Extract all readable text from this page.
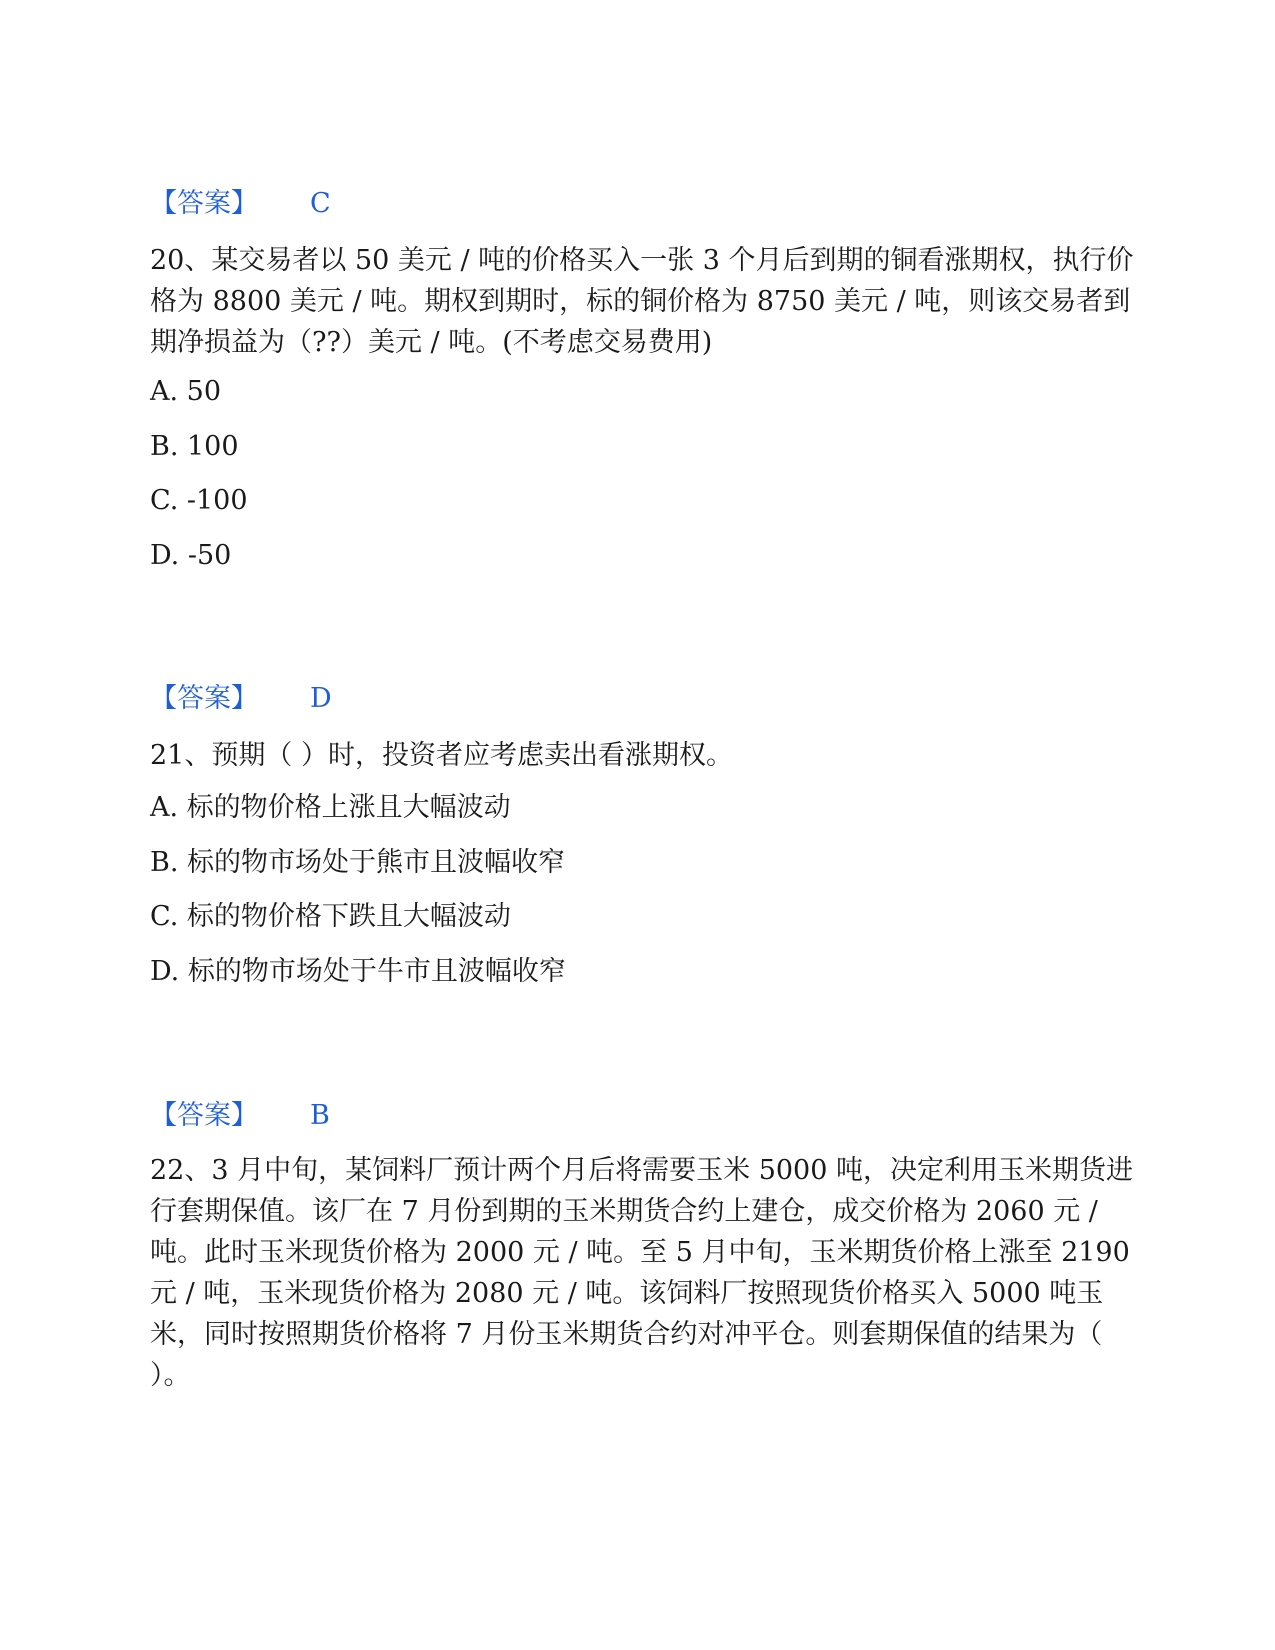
【答案】 C
20、某交易者以 50 美元 / 吨的价格买入一张 3 个月后到期的铜看涨期权，执行价格为 8800 美元 / 吨。期权到期时，标的铜价格为 8750 美元 / 吨，则该交易者到期净损益为（??）美元 / 吨。(不考虑交易费用)
A. 50
B. 100
C. -100
D. -50
【答案】 D
21、预期（ ）时，投资者应考虑卖出看涨期权。
A. 标的物价格上涨且大幅波动
B. 标的物市场处于熊市且波幅收窄
C. 标的物价格下跌且大幅波动
D. 标的物市场处于牛市且波幅收窄
【答案】 B
22、3 月中旬，某饲料厂预计两个月后将需要玉米 5000 吨，决定利用玉米期货进行套期保值。该厂在 7 月份到期的玉米期货合约上建仓，成交价格为 2060 元 / 吨。此时玉米现货价格为 2000 元 / 吨。至 5 月中旬，玉米期货价格上涨至 2190 元 / 吨，玉米现货价格为 2080 元 / 吨。该饲料厂按照现货价格买入 5000 吨玉米，同时按照期货价格将 7 月份玉米期货合约对冲平仓。则套期保值的结果为（ ）。
